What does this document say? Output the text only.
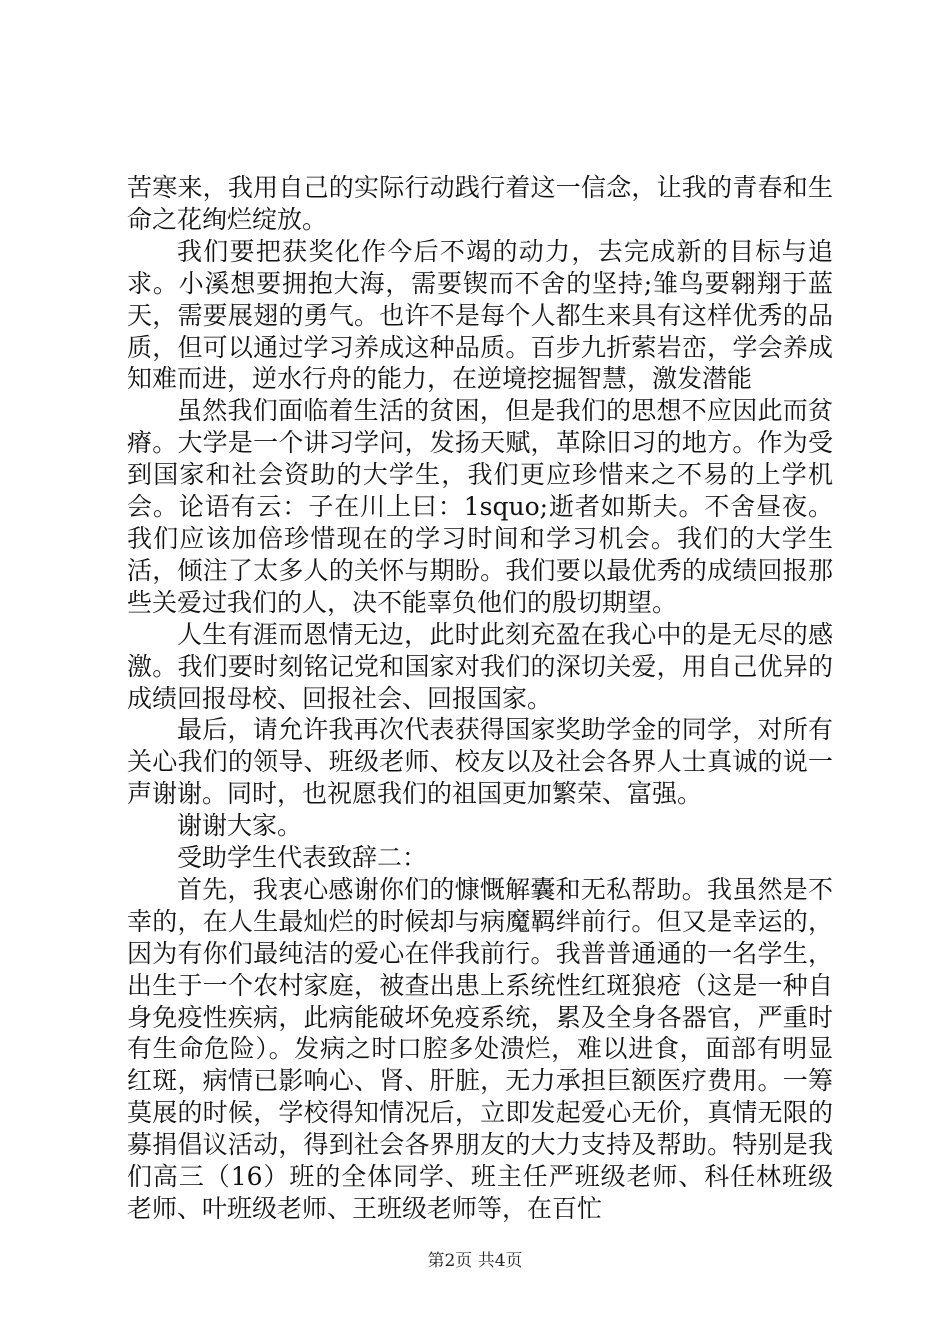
苦寒来，我用自己的实际行动践行着这一信念，让我的青春和生命之花绚烂绽放。

我们要把获奖化作今后不竭的动力，去完成新的目标与追求。小溪想要拥抱大海，需要锲而不舍的坚持;雏鸟要翱翔于蓝天，需要展翅的勇气。也许不是每个人都生来具有这样优秀的品质，但可以通过学习养成这种品质。百步九折萦岩峦，学会养成知难而进，逆水行舟的能力，在逆境挖掘智慧，激发潜能

虽然我们面临着生活的贫困，但是我们的思想不应因此而贫瘠。大学是一个讲习学问，发扬天赋，革除旧习的地方。作为受到国家和社会资助的大学生，我们更应珍惜来之不易的上学机会。论语有云：子在川上曰：1squo;逝者如斯夫。不舍昼夜。我们应该加倍珍惜现在的学习时间和学习机会。我们的大学生活，倾注了太多人的关怀与期盼。我们要以最优秀的成绩回报那些关爱过我们的人，决不能辜负他们的殷切期望。

人生有涯而恩情无边，此时此刻充盈在我心中的是无尽的感激。我们要时刻铭记党和国家对我们的深切关爱，用自己优异的成绩回报母校、回报社会、回报国家。

最后，请允许我再次代表获得国家奖助学金的同学，对所有关心我们的领导、班级老师、校友以及社会各界人士真诚的说一声谢谢。同时，也祝愿我们的祖国更加繁荣、富强。

谢谢大家。

受助学生代表致辞二：

首先，我衷心感谢你们的慷慨解囊和无私帮助。我虽然是不幸的，在人生最灿烂的时候却与病魔羁绊前行。但又是幸运的，因为有你们最纯洁的爱心在伴我前行。我普普通通的一名学生，出生于一个农村家庭，被查出患上系统性红斑狼疮（这是一种自身免疫性疾病，此病能破坏免疫系统，累及全身各器官，严重时有生命危险）。发病之时口腔多处溃烂，难以进食，面部有明显红斑，病情已影响心、肾、肝脏，无力承担巨额医疗费用。一筹莫展的时候，学校得知情况后，立即发起爱心无价，真情无限的募捐倡议活动，得到社会各界朋友的大力支持及帮助。特别是我们高三（16）班的全体同学、班主任严班级老师、科任林班级老师、叶班级老师、王班级老师等，在百忙

第2页 共4页
